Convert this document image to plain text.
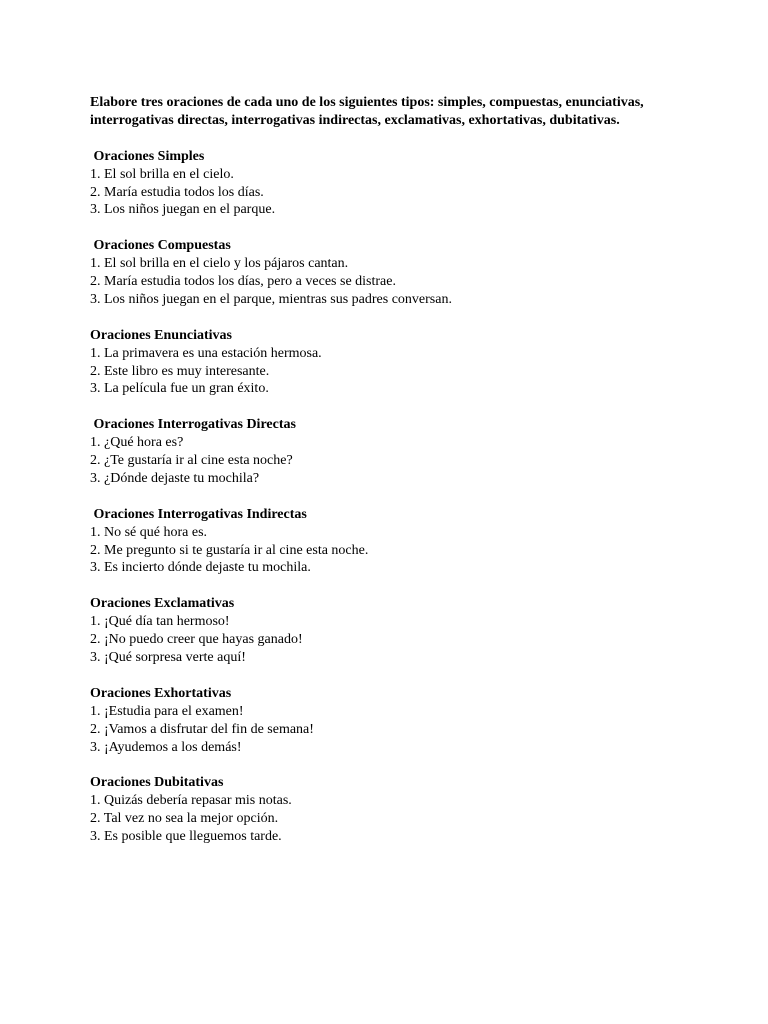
Elabore tres oraciones de cada uno de los siguientes tipos: simples, compuestas, enunciativas, interrogativas directas, interrogativas indirectas, exclamativas, exhortativas, dubitativas.

Oraciones Simples

1. El sol brilla en el cielo.
2. María estudia todos los días.
3. Los niños juegan en el parque.

Oraciones Compuestas

1. El sol brilla en el cielo y los pájaros cantan.
2. María estudia todos los días, pero a veces se distrae.
3. Los niños juegan en el parque, mientras sus padres conversan.

Oraciones Enunciativas

1. La primavera es una estación hermosa.
2. Este libro es muy interesante.
3. La película fue un gran éxito.

Oraciones Interrogativas Directas

1. ¿Qué hora es?
2. ¿Te gustaría ir al cine esta noche?
3. ¿Dónde dejaste tu mochila?

Oraciones Interrogativas Indirectas

1. No sé qué hora es.
2. Me pregunto si te gustaría ir al cine esta noche.
3. Es incierto dónde dejaste tu mochila.

Oraciones Exclamativas

1. ¡Qué día tan hermoso!
2. ¡No puedo creer que hayas ganado!
3. ¡Qué sorpresa verte aquí!

Oraciones Exhortativas

1. ¡Estudia para el examen!
2. ¡Vamos a disfrutar del fin de semana!
3. ¡Ayudemos a los demás!

Oraciones Dubitativas

1. Quizás debería repasar mis notas.
2. Tal vez no sea la mejor opción.
3. Es posible que lleguemos tarde.
